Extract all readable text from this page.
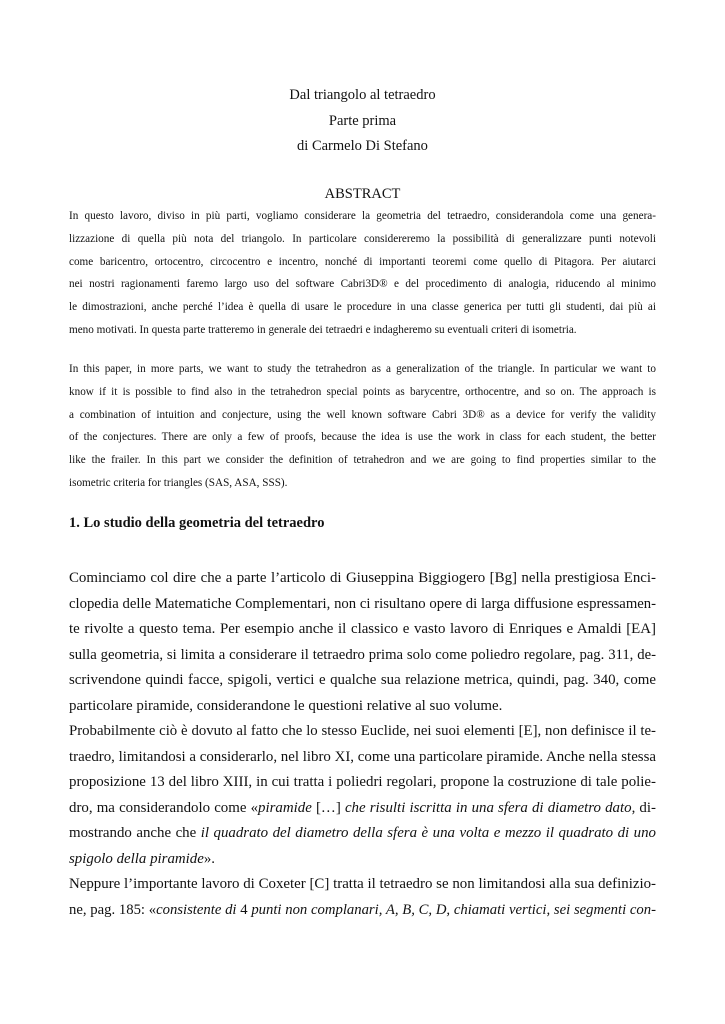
Dal triangolo al tetraedro
Parte prima
di Carmelo Di Stefano
ABSTRACT
In questo lavoro, diviso in più parti, vogliamo considerare la geometria del tetraedro, considerandola come una genera-
lizzazione di quella più nota del triangolo. In particolare considereremo la possibilità di generalizzare punti notevoli
come baricentro, ortocentro, circocentro e incentro, nonché di importanti teoremi come quello di Pitagora. Per aiutarci
nei nostri ragionamenti faremo largo uso del software Cabri3D® e del procedimento di analogia, riducendo al minimo
le dimostrazioni, anche perché l’idea è quella di usare le procedure in una classe generica per tutti gli studenti, dai più ai
meno motivati. In questa parte tratteremo in generale dei tetraedri e indagheremo su eventuali criteri di isometria.
In this paper, in more parts, we want to study the tetrahedron as a generalization of the triangle. In particular we want to
know if it is possible to find also in the tetrahedron special points as barycentre, orthocentre, and so on. The approach is
a combination of intuition and conjecture, using the well known software Cabri 3D® as a device for verify the validity
of the conjectures. There are only a few of proofs, because the idea is use the work in class for each student, the better
like the frailer. In this part we consider the definition of tetrahedron and we are going to find properties similar to the
isometric criteria for triangles (SAS, ASA, SSS).
1. Lo studio della geometria del tetraedro
Cominciamo col dire che a parte l’articolo di Giuseppina Biggiogero [Bg] nella prestigiosa Enci-
clopedia delle Matematiche Complementari, non ci risultano opere di larga diffusione espressamen-
te rivolte a questo tema. Per esempio anche il classico e vasto lavoro di Enriques e Amaldi [EA]
sulla geometria, si limita a considerare il tetraedro prima solo come poliedro regolare, pag. 311, de-
scrivendone quindi facce, spigoli, vertici e qualche sua relazione metrica, quindi, pag. 340, come
particolare piramide, considerandone le questioni relative al suo volume.
Probabilmente ciò è dovuto al fatto che lo stesso Euclide, nei suoi elementi [E], non definisce il te-
traedro, limitandosi a considerarlo, nel libro XI, come una particolare piramide. Anche nella stessa
proposizione 13 del libro XIII, in cui tratta i poliedri regolari, propone la costruzione di tale polie-
dro, ma considerandolo come «piramide […] che risulti iscritta in una sfera di diametro dato, di-
mostrando anche che il quadrato del diametro della sfera è una volta e mezzo il quadrato di uno
spigolo della piramide».
Neppure l’importante lavoro di Coxeter [C] tratta il tetraedro se non limitandosi alla sua definizio-
ne, pag. 185: «consistente di 4 punti non complanari, A, B, C, D, chiamati vertici, sei segmenti con-
